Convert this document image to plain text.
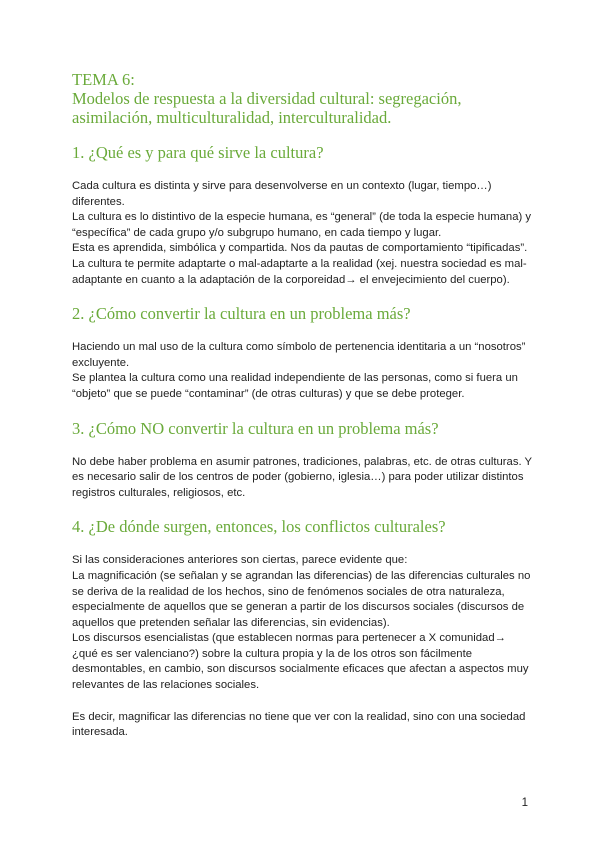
TEMA 6:
Modelos de respuesta a la diversidad cultural: segregación,
asimilación, multiculturalidad, interculturalidad.
1. ¿Qué es y para qué sirve la cultura?

Cada cultura es distinta y sirve para desenvolverse en un contexto (lugar, tiempo…) diferentes.

La cultura es lo distintivo de la especie humana, es “general” (de toda la especie humana) y “específica” de cada grupo y/o subgrupo humano, en cada tiempo y lugar.

Esta es aprendida, simbólica y compartida. Nos da pautas de comportamiento “tipificadas”.

La cultura te permite adaptarte o mal-adaptarte a la realidad (xej. nuestra sociedad es mal-adaptante en cuanto a la adaptación de la corporeidad→ el envejecimiento del cuerpo).

2. ¿Cómo convertir la cultura en un problema más?

Haciendo un mal uso de la cultura como símbolo de pertenencia identitaria a un “nosotros” excluyente.

Se plantea la cultura como una realidad independiente de las personas, como si fuera un “objeto” que se puede “contaminar” (de otras culturas) y que se debe proteger.

3. ¿Cómo NO convertir la cultura en un problema más?

No debe haber problema en asumir patrones, tradiciones, palabras, etc. de otras culturas. Y es necesario salir de los centros de poder (gobierno, iglesia…) para poder utilizar distintos registros culturales, religiosos, etc.

4. ¿De dónde surgen, entonces, los conflictos culturales?

Si las consideraciones anteriores son ciertas, parece evidente que:

La magnificación (se señalan y se agrandan las diferencias) de las diferencias culturales no se deriva de la realidad de los hechos, sino de fenómenos sociales de otra naturaleza, especialmente de aquellos que se generan a partir de los discursos sociales (discursos de aquellos que pretenden señalar las diferencias, sin evidencias).

Los discursos esencialistas (que establecen normas para pertenecer a X comunidad→ ¿qué es ser valenciano?) sobre la cultura propia y la de los otros son fácilmente desmontables, en cambio, son discursos socialmente eficaces que afectan a aspectos muy relevantes de las relaciones sociales.

Es decir, magnificar las diferencias no tiene que ver con la realidad, sino con una sociedad interesada.

1
